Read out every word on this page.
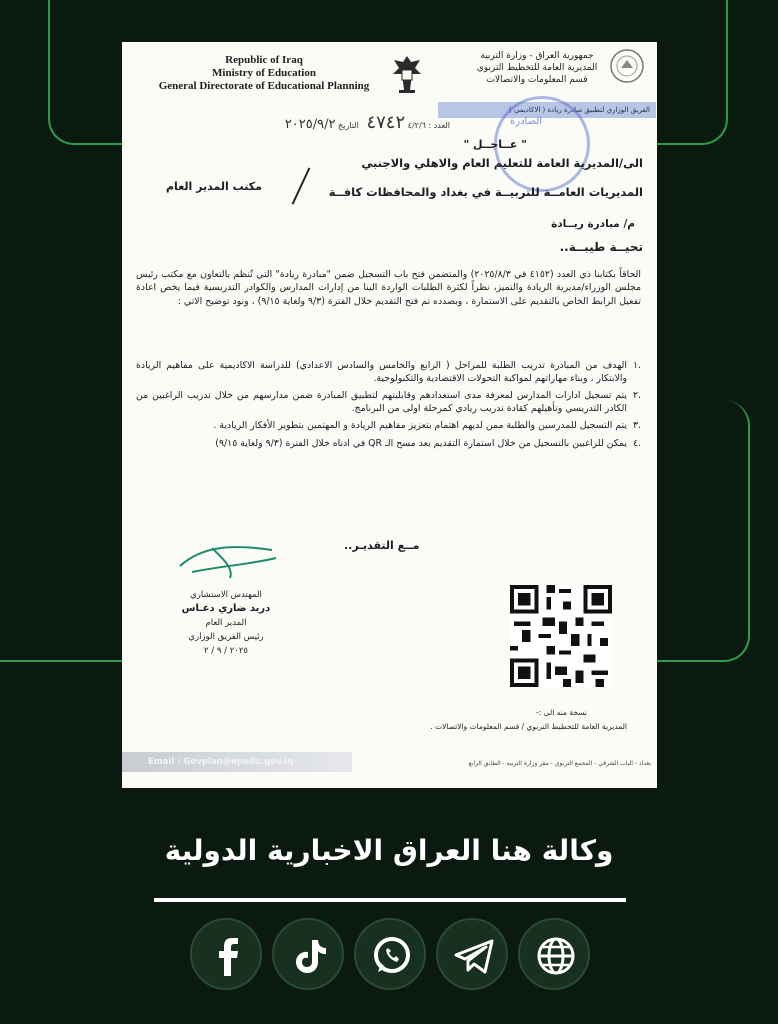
Republic of Iraq
Ministry of Education
General Directorate of Educational Planning
جمهورية العراق - وزارة التربية
المديرية العامة للتخطيط التربوي
قسم المعلومات والاتصالات
الفريق الوزاري لتطبيق مبادرة ريادة ( الاكاديمي )
العدد : ٤/٢/٦ ٤٧٤٢   التاريخ ٢٠٢٥/٩/٢	الصادرة
" عــاجــل "
الى/المديرية العامة للتعليم العام والاهلي والاجنبي
المديريات العامــة للتربيــة في بغداد والمحافظات كافــة
مكتب المدير العام
م/ مبادرة ريــادة
تحيــة طيبــة..
الحاقاً بكتابنا ذي العدد (٤١٥٢ في ٢٠٢٥/٨/٣) والمتضمن فتح باب التسجيل ضمن "مبادرة ريادة" التي تُنظم بالتعاون مع مكتب رئيس مجلس الوزراء/مديرية الريادة والتميز، نظراً لكثرة الطلبات الواردة الينا من إدارات المدارس والكوادر التدريسية فيما يخص اعادة تفعيل الرابط الخاص بالتقديم على الاستمارة ، وبصدده تم فتح التقديم خلال الفترة (٩/٣ ولغاية ٩/١٥) ، ونود توضيح الاتي :
.١
الهدف من المبادرة تدريب الطلبة للمراحل ( الرابع والخامس والسادس الاعدادي) للدراسة الاكاديمية على مفاهيم الريادة والابتكار ، وبناء مهاراتهم لمواكبة التحولات الاقتصادية والتكنولوجية.
.٢
يتم تسجيل ادارات المدارس لمعرفة مدى استعدادهم وقابليتهم لتطبيق المبادرة ضمن مدارسهم من خلال تدريب الراغبين من الكادر التدريسي وتأهيلهم كقادة تدريب ريادي كمرحلة اولى من البرنامج.
.٣
يتم التسجيل للمدرسين والطلبة ممن لديهم اهتمام بتعزيز مفاهيم الريادة و المهتمين بتطوير الأفكار الريادية .
.٤
يمكن للراغبين بالتسجيل من خلال استمارة التقديم بعد مسح الـ QR في ادناه خلال الفترة (٩/٣ ولغاية ٩/١٥)
مــع التقديـر..
المهندس الاستشاري
دريد ضاري دعـاس
المدير العام
رئيس الفريق الوزاري
٢٠٢٥ / ٩ / ٢
نسخة منه الى :-
المديرية العامة للتخطيط التربوي / قسم المعلومات والاتصالات .
Email : Govplan@epedu.gov.iq	بغداد - الباب الشرقي - المجمع التربوي - مقر وزارة التربية - الطابق الرابع
وكالة هنا العراق الاخبارية الدولية
